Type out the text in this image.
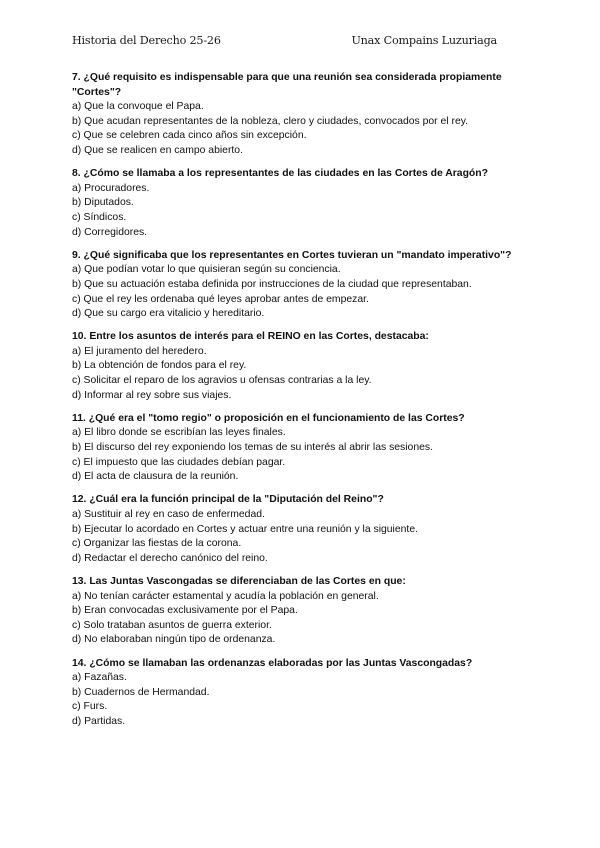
Historia del Derecho 25-26	Unax Compains Luzuriaga

7. ¿Qué requisito es indispensable para que una reunión sea considerada propiamente "Cortes"?

a) Que la convoque el Papa.
b) Que acudan representantes de la nobleza, clero y ciudades, convocados por el rey.
c) Que se celebren cada cinco años sin excepción.
d) Que se realicen en campo abierto.

8. ¿Cómo se llamaba a los representantes de las ciudades en las Cortes de Aragón?

a) Procuradores.
b) Diputados.
c) Síndicos.
d) Corregidores.

9. ¿Qué significaba que los representantes en Cortes tuvieran un "mandato imperativo"?

a) Que podían votar lo que quisieran según su conciencia.
b) Que su actuación estaba definida por instrucciones de la ciudad que representaban.
c) Que el rey les ordenaba qué leyes aprobar antes de empezar.
d) Que su cargo era vitalicio y hereditario.

10. Entre los asuntos de interés para el REINO en las Cortes, destacaba:

a) El juramento del heredero.
b) La obtención de fondos para el rey.
c) Solicitar el reparo de los agravios u ofensas contrarias a la ley.
d) Informar al rey sobre sus viajes.

11. ¿Qué era el "tomo regio" o proposición en el funcionamiento de las Cortes?

a) El libro donde se escribían las leyes finales.
b) El discurso del rey exponiendo los temas de su interés al abrir las sesiones.
c) El impuesto que las ciudades debían pagar.
d) El acta de clausura de la reunión.

12. ¿Cuál era la función principal de la "Diputación del Reino"?

a) Sustituir al rey en caso de enfermedad.
b) Ejecutar lo acordado en Cortes y actuar entre una reunión y la siguiente.
c) Organizar las fiestas de la corona.
d) Redactar el derecho canónico del reino.

13. Las Juntas Vascongadas se diferenciaban de las Cortes en que:

a) No tenían carácter estamental y acudía la población en general.
b) Eran convocadas exclusivamente por el Papa.
c) Solo trataban asuntos de guerra exterior.
d) No elaboraban ningún tipo de ordenanza.

14. ¿Cómo se llamaban las ordenanzas elaboradas por las Juntas Vascongadas?

a) Fazañas.
b) Cuadernos de Hermandad.
c) Furs.
d) Partidas.
